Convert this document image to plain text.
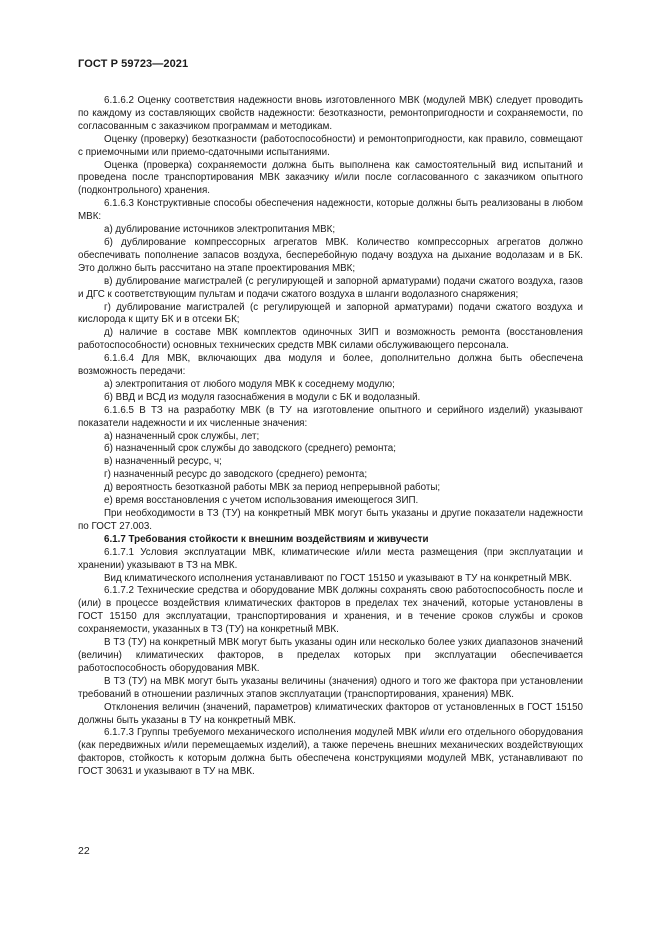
ГОСТ Р 59723—2021

6.1.6.2 Оценку соответствия надежности вновь изготовленного МВК (модулей МВК) следует проводить по каждому из составляющих свойств надежности: безотказности, ремонтопригодности и сохраняемости, по согласованным с заказчиком программам и методикам.

Оценку (проверку) безотказности (работоспособности) и ремонтопригодности, как правило, совмещают с приемочными или приемо-сдаточными испытаниями.

Оценка (проверка) сохраняемости должна быть выполнена как самостоятельный вид испытаний и проведена после транспортирования МВК заказчику и/или после согласованного с заказчиком опытного (подконтрольного) хранения.

6.1.6.3 Конструктивные способы обеспечения надежности, которые должны быть реализованы в любом МВК:

а) дублирование источников электропитания МВК;

б) дублирование компрессорных агрегатов МВК. Количество компрессорных агрегатов должно обеспечивать пополнение запасов воздуха, бесперебойную подачу воздуха на дыхание водолазам и в БК. Это должно быть рассчитано на этапе проектирования МВК;

в) дублирование магистралей (с регулирующей и запорной арматурами) подачи сжатого воздуха, газов и ДГС к соответствующим пультам и подачи сжатого воздуха в шланги водолазного снаряжения;

г) дублирование магистралей (с регулирующей и запорной арматурами) подачи сжатого воздуха и кислорода к щиту БК и в отсеки БК;

д) наличие в составе МВК комплектов одиночных ЗИП и возможность ремонта (восстановления работоспособности) основных технических средств МВК силами обслуживающего персонала.

6.1.6.4 Для МВК, включающих два модуля и более, дополнительно должна быть обеспечена возможность передачи:

а) электропитания от любого модуля МВК к соседнему модулю;

б) ВВД и ВСД из модуля газоснабжения в модули с БК и водолазный.

6.1.6.5 В ТЗ на разработку МВК (в ТУ на изготовление опытного и серийного изделий) указывают показатели надежности и их численные значения:

а) назначенный срок службы, лет;

б) назначенный срок службы до заводского (среднего) ремонта;

в) назначенный ресурс, ч;

г) назначенный ресурс до заводского (среднего) ремонта;

д) вероятность безотказной работы МВК за период непрерывной работы;

е) время восстановления с учетом использования имеющегося ЗИП.

При необходимости в ТЗ (ТУ) на конкретный МВК могут быть указаны и другие показатели надежности по ГОСТ 27.003.

6.1.7 Требования стойкости к внешним воздействиям и живучести

6.1.7.1 Условия эксплуатации МВК, климатические и/или места размещения (при эксплуатации и хранении) указывают в ТЗ на МВК.

Вид климатического исполнения устанавливают по ГОСТ 15150 и указывают в ТУ на конкретный МВК.

6.1.7.2 Технические средства и оборудование МВК должны сохранять свою работоспособность после и (или) в процессе воздействия климатических факторов в пределах тех значений, которые установлены в ГОСТ 15150 для эксплуатации, транспортирования и хранения, и в течение сроков службы и сроков сохраняемости, указанных в ТЗ (ТУ) на конкретный МВК.

В ТЗ (ТУ) на конкретный МВК могут быть указаны один или несколько более узких диапазонов значений (величин) климатических факторов, в пределах которых при эксплуатации обеспечивается работоспособность оборудования МВК.

В ТЗ (ТУ) на МВК могут быть указаны величины (значения) одного и того же фактора при установлении требований в отношении различных этапов эксплуатации (транспортирования, хранения) МВК.

Отклонения величин (значений, параметров) климатических факторов от установленных в ГОСТ 15150 должны быть указаны в ТУ на конкретный МВК.

6.1.7.3 Группы требуемого механического исполнения модулей МВК и/или его отдельного оборудования (как передвижных и/или перемещаемых изделий), а также перечень внешних механических воздействующих факторов, стойкость к которым должна быть обеспечена конструкциями модулей МВК, устанавливают по ГОСТ 30631 и указывают в ТУ на МВК.

22
